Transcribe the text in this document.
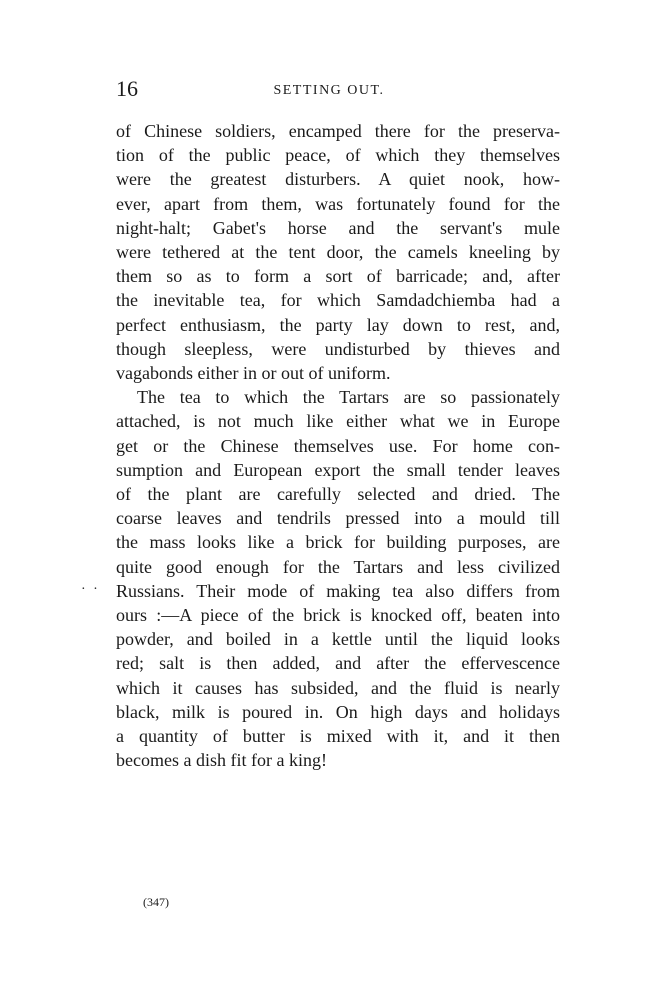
16	SETTING OUT.
of Chinese soldiers, encamped there for the preserva-
tion of the public peace, of which they themselves
were the greatest disturbers. A quiet nook, how-
ever, apart from them, was fortunately found for the
night-halt; Gabet's horse and the servant's mule
were tethered at the tent door, the camels kneeling by
them so as to form a sort of barricade; and, after
the inevitable tea, for which Samdadchiemba had a
perfect enthusiasm, the party lay down to rest, and,
though sleepless, were undisturbed by thieves and
vagabonds either in or out of uniform.
The tea to which the Tartars are so passionately
attached, is not much like either what we in Europe
get or the Chinese themselves use. For home con-
sumption and European export the small tender leaves
of the plant are carefully selected and dried. The
coarse leaves and tendrils pressed into a mould till
the mass looks like a brick for building purposes, are
quite good enough for the Tartars and less civilized
Russians. Their mode of making tea also differs from
ours :—A piece of the brick is knocked off, beaten into
powder, and boiled in a kettle until the liquid looks
red; salt is then added, and after the effervescence
which it causes has subsided, and the fluid is nearly
black, milk is poured in. On high days and holidays
a quantity of butter is mixed with it, and it then
becomes a dish fit for a king!
· ·
(347)
